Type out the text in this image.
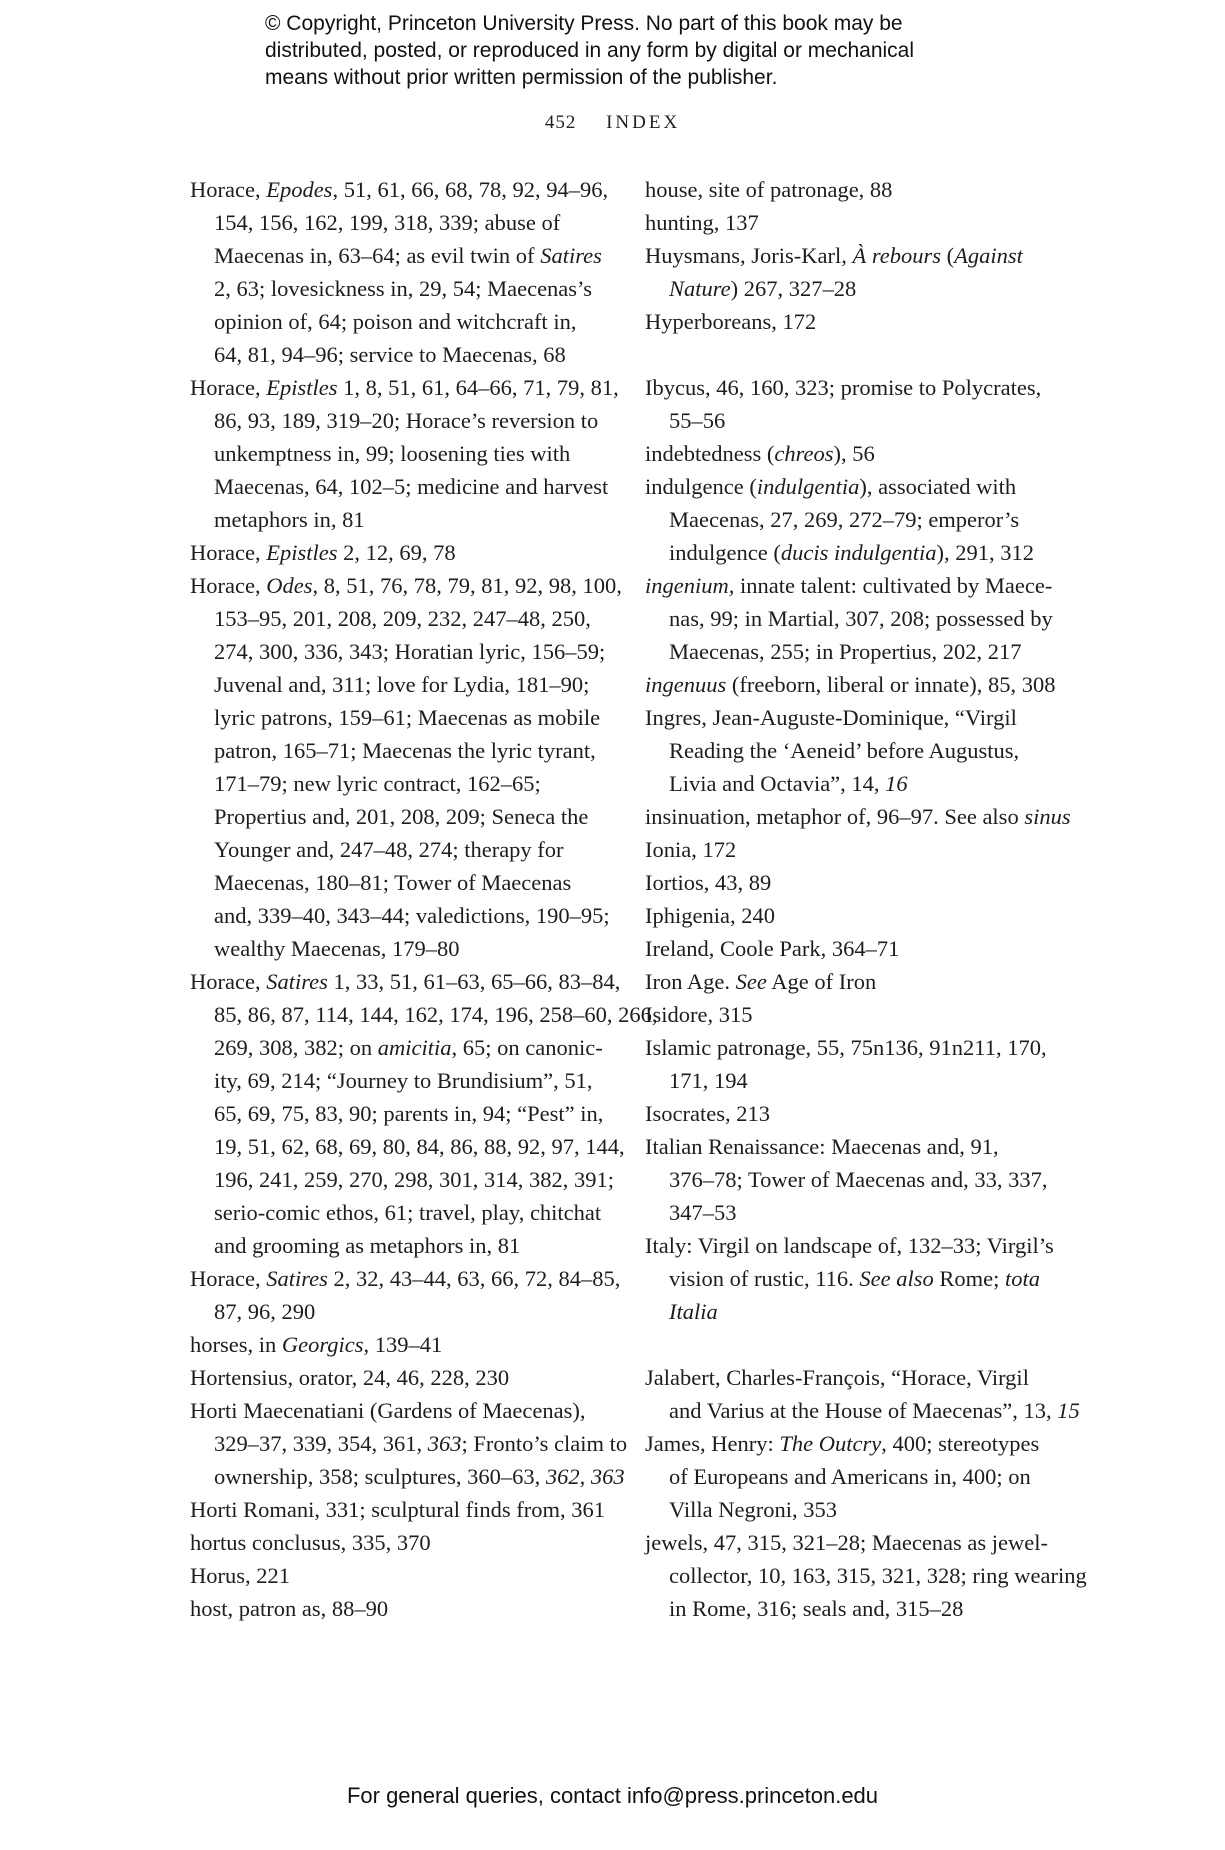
© Copyright, Princeton University Press. No part of this book may be
distributed, posted, or reproduced in any form by digital or mechanical
means without prior written permission of the publisher.
452 INDEX
Horace, Epodes, 51, 61, 66, 68, 78, 92, 94–96,
154, 156, 162, 199, 318, 339; abuse of
Maecenas in, 63–64; as evil twin of Satires
2, 63; lovesickness in, 29, 54; Maecenas’s
opinion of, 64; poison and witchcraft in,
64, 81, 94–96; service to Maecenas, 68
Horace, Epistles 1, 8, 51, 61, 64–66, 71, 79, 81,
86, 93, 189, 319–20; Horace’s reversion to
unkemptness in, 99; loosening ties with
Maecenas, 64, 102–5; medicine and harvest
metaphors in, 81
Horace, Epistles 2, 12, 69, 78
Horace, Odes, 8, 51, 76, 78, 79, 81, 92, 98, 100,
153–95, 201, 208, 209, 232, 247–48, 250,
274, 300, 336, 343; Horatian lyric, 156–59;
Juvenal and, 311; love for Lydia, 181–90;
lyric patrons, 159–61; Maecenas as mobile
patron, 165–71; Maecenas the lyric tyrant,
171–79; new lyric contract, 162–65;
Propertius and, 201, 208, 209; Seneca the
Younger and, 247–48, 274; therapy for
Maecenas, 180–81; Tower of Maecenas
and, 339–40, 343–44; valedictions, 190–95;
wealthy Maecenas, 179–80
Horace, Satires 1, 33, 51, 61–63, 65–66, 83–84,
85, 86, 87, 114, 144, 162, 174, 196, 258–60, 266,
269, 308, 382; on amicitia, 65; on canonic-
ity, 69, 214; “Journey to Brundisium”, 51,
65, 69, 75, 83, 90; parents in, 94; “Pest” in,
19, 51, 62, 68, 69, 80, 84, 86, 88, 92, 97, 144,
196, 241, 259, 270, 298, 301, 314, 382, 391;
serio-comic ethos, 61; travel, play, chitchat
and grooming as metaphors in, 81
Horace, Satires 2, 32, 43–44, 63, 66, 72, 84–85,
87, 96, 290
horses, in Georgics, 139–41
Hortensius, orator, 24, 46, 228, 230
Horti Maecenatiani (Gardens of Maecenas),
329–37, 339, 354, 361, 363; Fronto’s claim to
ownership, 358; sculptures, 360–63, 362, 363
Horti Romani, 331; sculptural finds from, 361
hortus conclusus, 335, 370
Horus, 221
host, patron as, 88–90
house, site of patronage, 88
hunting, 137
Huysmans, Joris-Karl, À rebours (Against
Nature) 267, 327–28
Hyperboreans, 172
Ibycus, 46, 160, 323; promise to Polycrates,
55–56
indebtedness (chreos), 56
indulgence (indulgentia), associated with
Maecenas, 27, 269, 272–79; emperor’s
indulgence (ducis indulgentia), 291, 312
ingenium, innate talent: cultivated by Maece-
nas, 99; in Martial, 307, 208; possessed by
Maecenas, 255; in Propertius, 202, 217
ingenuus (freeborn, liberal or innate), 85, 308
Ingres, Jean-Auguste-Dominique, “Virgil
Reading the ‘Aeneid’ before Augustus,
Livia and Octavia”, 14, 16
insinuation, metaphor of, 96–97. See also sinus
Ionia, 172
Iortios, 43, 89
Iphigenia, 240
Ireland, Coole Park, 364–71
Iron Age. See Age of Iron
Isidore, 315
Islamic patronage, 55, 75n136, 91n211, 170,
171, 194
Isocrates, 213
Italian Renaissance: Maecenas and, 91,
376–78; Tower of Maecenas and, 33, 337,
347–53
Italy: Virgil on landscape of, 132–33; Virgil’s
vision of rustic, 116. See also Rome; tota
Italia
Jalabert, Charles-François, “Horace, Virgil
and Varius at the House of Maecenas”, 13, 15
James, Henry: The Outcry, 400; stereotypes
of Europeans and Americans in, 400; on
Villa Negroni, 353
jewels, 47, 315, 321–28; Maecenas as jewel-
collector, 10, 163, 315, 321, 328; ring wearing
in Rome, 316; seals and, 315–28
For general queries, contact info@press.princeton.edu
